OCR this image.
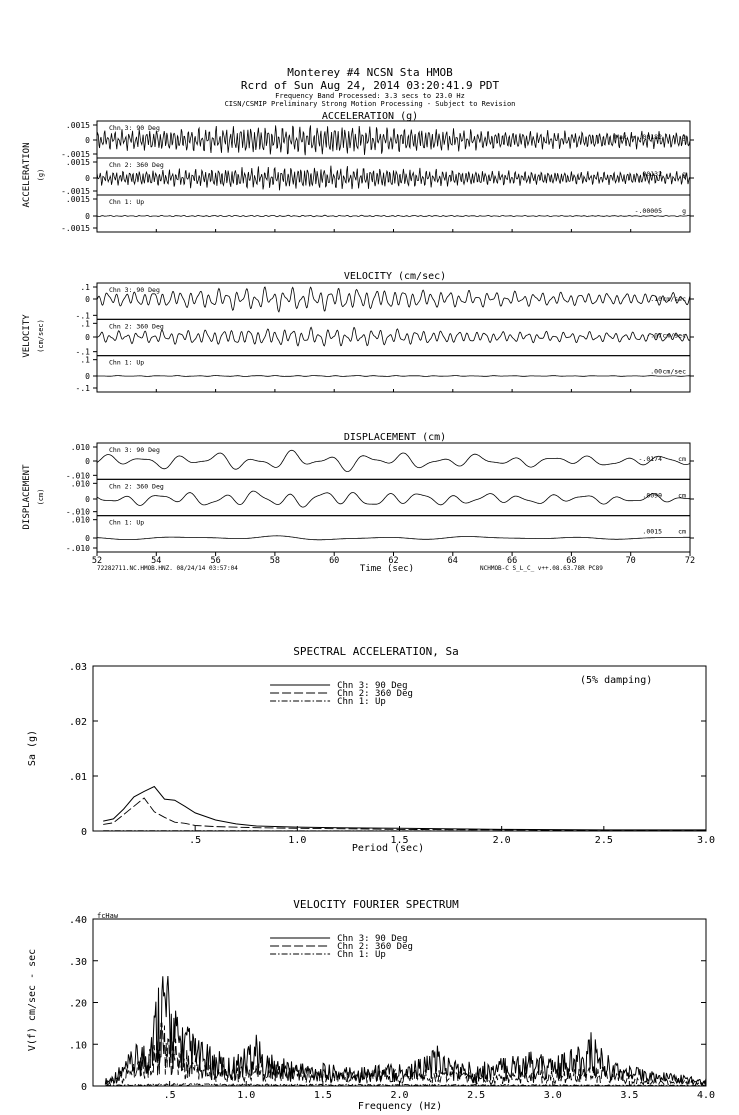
Monterey #4 NCSN Sta HMOB
Rcrd of Sun Aug 24, 2014 03:20:41.9 PDT
Frequency Band Processed: 3.3 secs to 23.0 Hz
CISN/CSMIP Preliminary Strong Motion Processing - Subject to Revision
ACCELERATION (g)
ACCELERATION (g)
.0015
0
-.0015
Chn 3: 90 Deg
Max = .00182	g
.0015
0
-.0015
Chn 2: 360 Deg
.00132	g
.0015
0
-.0015
Chn 1: Up
-.00005	g
VELOCITY (cm/sec)
VELOCITY (cm/sec)
.1
0
-.1
Chn 3: 90 Deg
.10 cm/sec
.1
0
-.1
Chn 2: 360 Deg
-.07 cm/sec
.1
0
-.1
Chn 1: Up
.00 cm/sec
DISPLACEMENT (cm)
DISPLACEMENT (cm)
Time (sec)
72282711.NC.HMOB.HNZ. 08/24/14 03:57:04	NCHMOB-C S_L_C_ v++.08.63.78R PC89
.010
0
-.010
Chn 3: 90 Deg
-.0174 cm
.010
0
-.010
Chn 2: 360 Deg
.0099 cm
.010
0
-.010
Chn 1: Up
.0015 cm
52	54	56	58	60	62	64	66	68	70	72
SPECTRAL ACCELERATION, Sa
Sa (g)
Period (sec)
(5% damping)
.5	1.0	1.5	2.0	2.5	3.0
0
.01
.02
.03
Chn 3: 90 Deg
Chn 2: 360 Deg
Chn 1: Up
VELOCITY FOURIER SPECTRUM
V(f) cm/sec - sec
Frequency (Hz)
fcHaw
.5	1.0	1.5	2.0	2.5	3.0	3.5	4.0
0
.10
.20
.30
.40
Chn 3: 90 Deg
Chn 2: 360 Deg
Chn 1: Up
